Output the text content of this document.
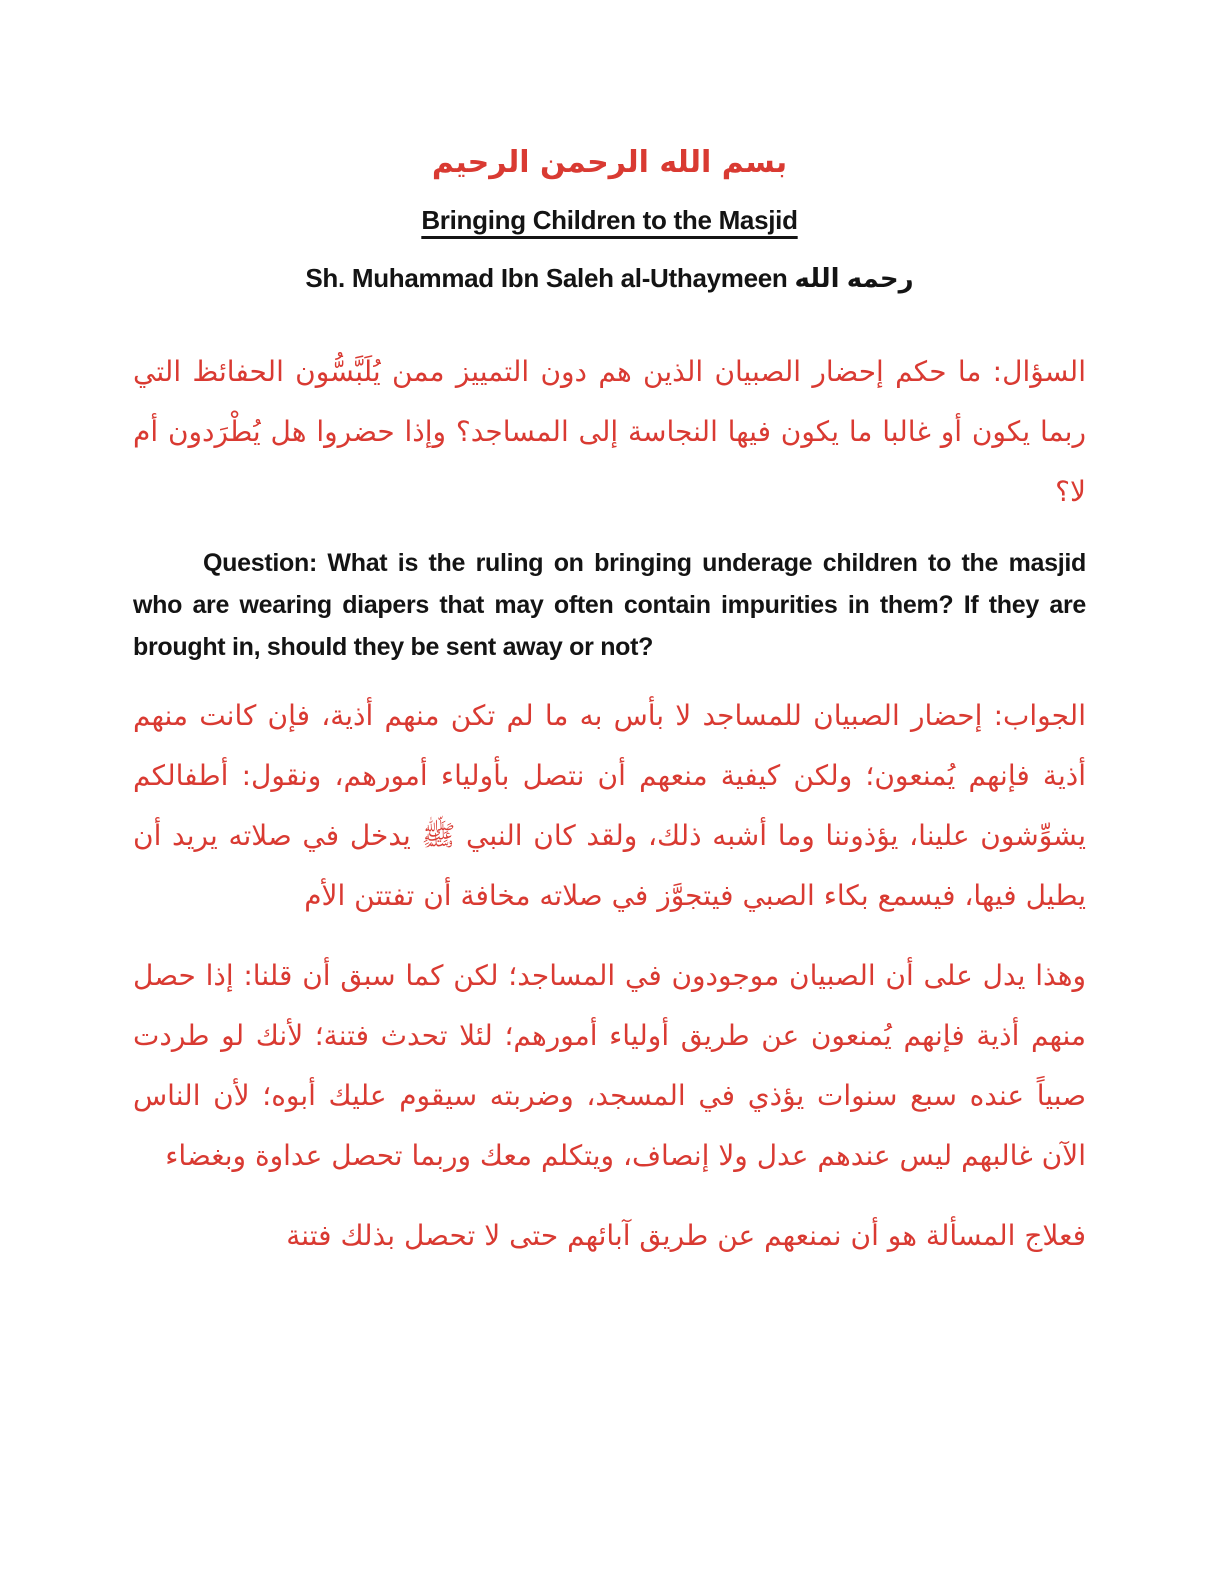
بسم الله الرحمن الرحيم
Bringing Children to the Masjid
Sh. Muhammad Ibn Saleh al-Uthaymeen رحمه الله
السؤال: ما حكم إحضار الصبيان الذين هم دون التمييز ممن يُلَبَّسُّون الحفائظ التي ربما يكون أو غالبا ما يكون فيها النجاسة إلى المساجد؟ وإذا حضروا هل يُطْرَدون أم لا؟
Question: What is the ruling on bringing underage children to the masjid who are wearing diapers that may often contain impurities in them? If they are brought in, should they be sent away or not?
الجواب: إحضار الصبيان للمساجد لا بأس به ما لم تكن منهم أذية، فإن كانت منهم أذية فإنهم يُمنعون؛ ولكن كيفية منعهم أن نتصل بأولياء أمورهم، ونقول: أطفالكم يشوِّشون علينا، يؤذوننا وما أشبه ذلك، ولقد كان النبي ﷺ يدخل في صلاته يريد أن يطيل فيها، فيسمع بكاء الصبي فيتجوَّز في صلاته مخافة أن تفتتن الأم
وهذا يدل على أن الصبيان موجودون في المساجد؛ لكن كما سبق أن قلنا: إذا حصل منهم أذية فإنهم يُمنعون عن طريق أولياء أمورهم؛ لئلا تحدث فتنة؛ لأنك لو طردت صبياً عنده سبع سنوات يؤذي في المسجد، وضربته سيقوم عليك أبوه؛ لأن الناس الآن غالبهم ليس عندهم عدل ولا إنصاف، ويتكلم معك وربما تحصل عداوة وبغضاء
فعلاج المسألة هو أن نمنعهم عن طريق آبائهم حتى لا تحصل بذلك فتنة
